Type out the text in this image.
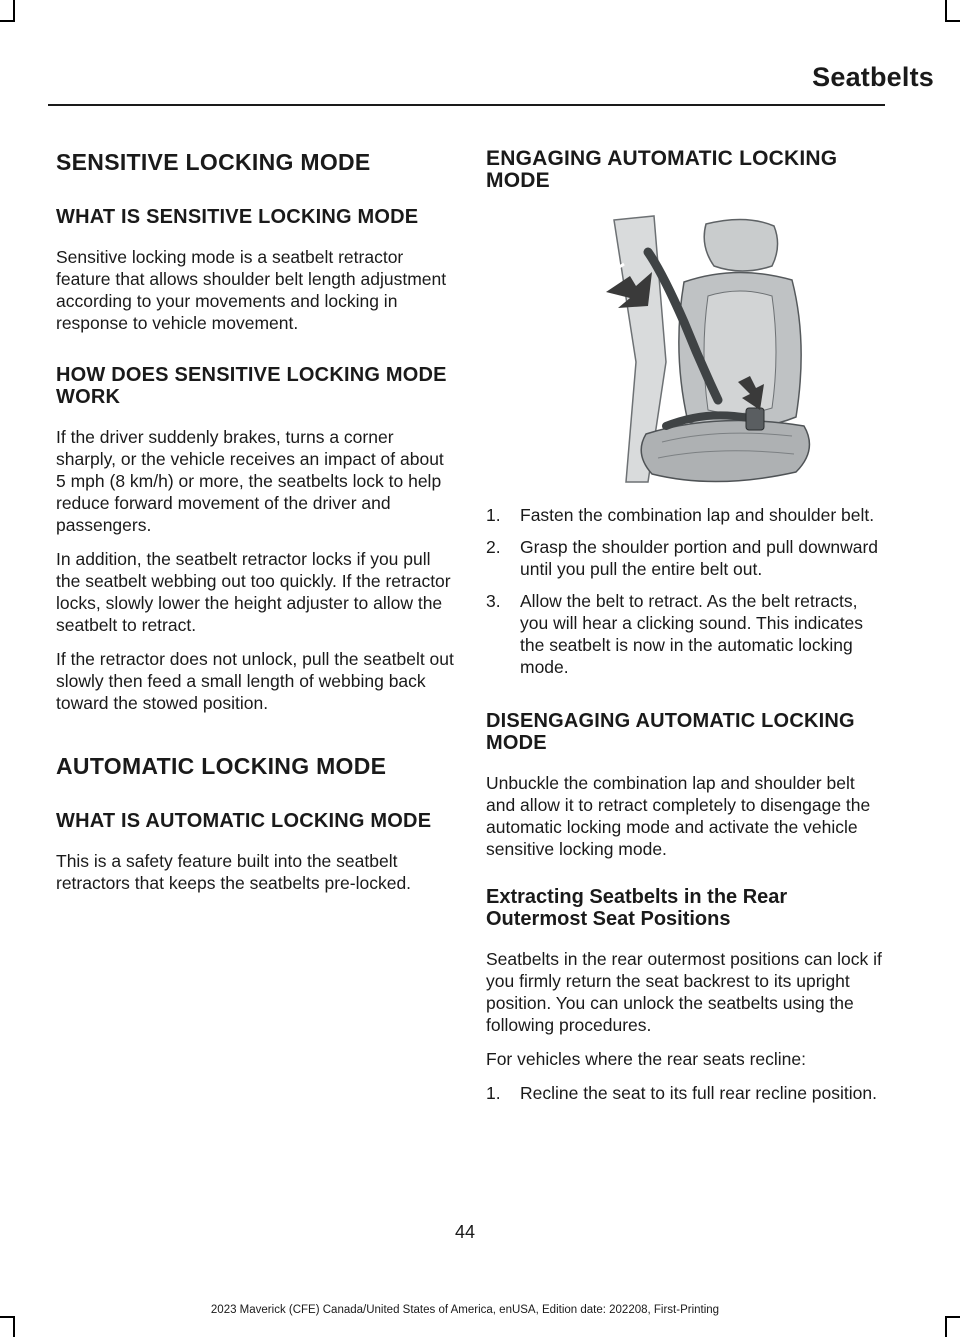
Seatbelts
SENSITIVE LOCKING MODE
WHAT IS SENSITIVE LOCKING MODE

Sensitive locking mode is a seatbelt retractor feature that allows shoulder belt length adjustment according to your movements and locking in response to vehicle movement.

HOW DOES SENSITIVE LOCKING MODE WORK

If the driver suddenly brakes, turns a corner sharply, or the vehicle receives an impact of about 5 mph (8 km/h) or more, the seatbelts lock to help reduce forward movement of the driver and passengers.

In addition, the seatbelt retractor locks if you pull the seatbelt webbing out too quickly. If the retractor locks, slowly lower the height adjuster to allow the seatbelt to retract.

If the retractor does not unlock, pull the seatbelt out slowly then feed a small length of webbing back toward the stowed position.

AUTOMATIC LOCKING MODE
WHAT IS AUTOMATIC LOCKING MODE

This is a safety feature built into the seatbelt retractors that keeps the seatbelts pre-locked.

ENGAGING AUTOMATIC LOCKING MODE
1. Fasten the combination lap and shoulder belt.
2. Grasp the shoulder portion and pull downward until you pull the entire belt out.
3. Allow the belt to retract. As the belt retracts, you will hear a clicking sound. This indicates the seatbelt is now in the automatic locking mode.
DISENGAGING AUTOMATIC LOCKING MODE

Unbuckle the combination lap and shoulder belt and allow it to retract completely to disengage the automatic locking mode and activate the vehicle sensitive locking mode.

Extracting Seatbelts in the Rear Outermost Seat Positions

Seatbelts in the rear outermost positions can lock if you firmly return the seat backrest to its upright position. You can unlock the seatbelts using the following procedures.

For vehicles where the rear seats recline:

1. Recline the seat to its full rear recline position.
44
2023 Maverick (CFE) Canada/United States of America, enUSA, Edition date: 202208, First-Printing
